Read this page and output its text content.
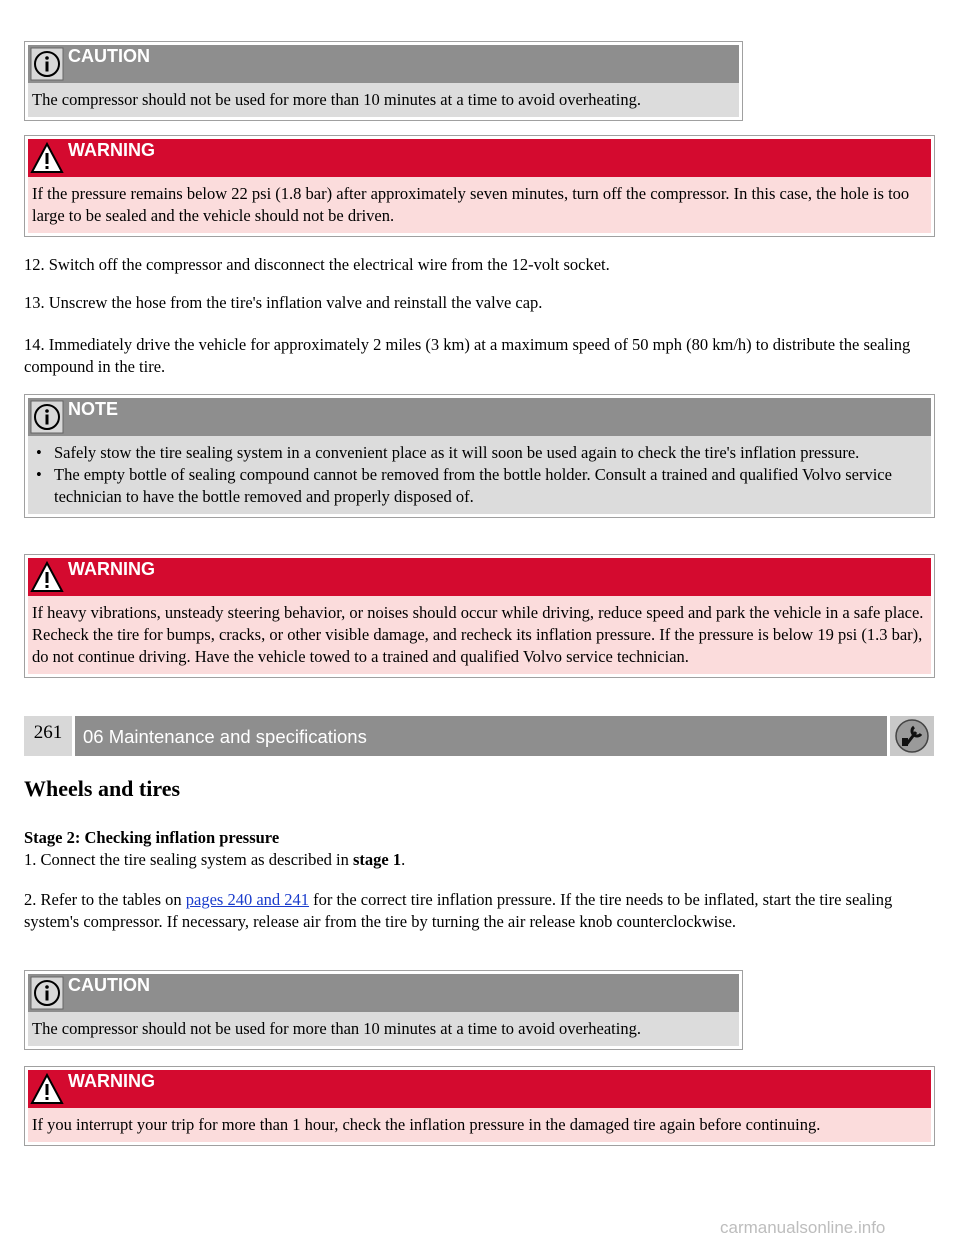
CAUTION
The compressor should not be used for more than 10 minutes at a time to avoid overheating.
WARNING
If the pressure remains below 22 psi (1.8 bar) after approximately seven minutes, turn off the compressor. In this case, the hole is too large to be sealed and the vehicle should not be driven.
12. Switch off the compressor and disconnect the electrical wire from the 12-volt socket.
13. Unscrew the hose from the tire's inflation valve and reinstall the valve cap.
14. Immediately drive the vehicle for approximately 2 miles (3 km) at a maximum speed of 50 mph (80 km/h) to distribute the sealing compound in the tire.
NOTE
• Safely stow the tire sealing system in a convenient place as it will soon be used again to check the tire's inflation pressure.
• The empty bottle of sealing compound cannot be removed from the bottle holder. Consult a trained and qualified Volvo service technician to have the bottle removed and properly disposed of.
WARNING
If heavy vibrations, unsteady steering behavior, or noises should occur while driving, reduce speed and park the vehicle in a safe place. Recheck the tire for bumps, cracks, or other visible damage, and recheck its inflation pressure. If the pressure is below 19 psi (1.3 bar), do not continue driving. Have the vehicle towed to a trained and qualified Volvo service technician.
261	06 Maintenance and specifications
Wheels and tires
Stage 2: Checking inflation pressure
1. Connect the tire sealing system as described in stage 1.
2. Refer to the tables on pages 240 and 241 for the correct tire inflation pressure. If the tire needs to be inflated, start the tire sealing system's compressor. If necessary, release air from the tire by turning the air release knob counterclockwise.
CAUTION
The compressor should not be used for more than 10 minutes at a time to avoid overheating.
WARNING
If you interrupt your trip for more than 1 hour, check the inflation pressure in the damaged tire again before continuing.
carmanualsonline.info
